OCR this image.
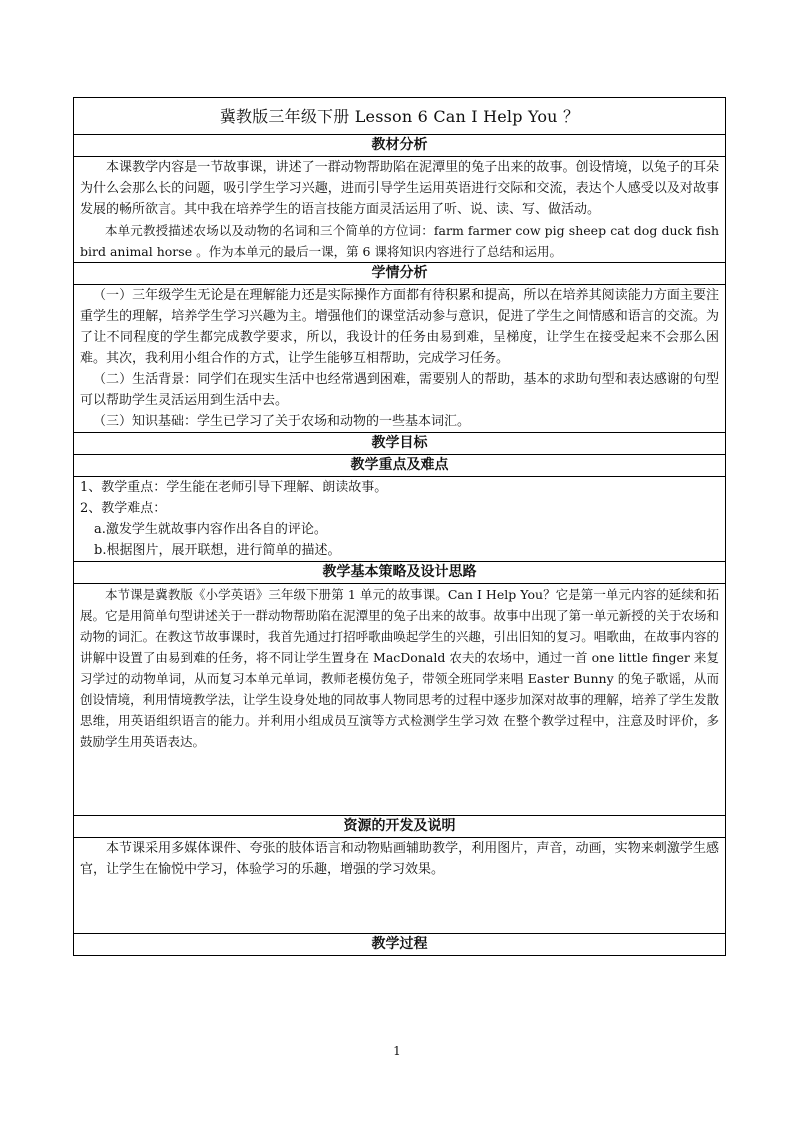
冀教版三年级下册 Lesson 6 Can I Help You ？
教材分析

本课教学内容是一节故事课，讲述了一群动物帮助陷在泥潭里的兔子出来的故事。创设情境，以兔子的耳朵为什么会那么长的问题，吸引学生学习兴趣，进而引导学生运用英语进行交际和交流，表达个人感受以及对故事发展的畅所欲言。其中我在培养学生的语言技能方面灵活运用了听、说、读、写、做活动。

本单元教授描述农场以及动物的名词和三个简单的方位词：farm farmer cow pig sheep cat dog duck fish bird animal horse 。作为本单元的最后一课，第 6 课将知识内容进行了总结和运用。

学情分析

（一）三年级学生无论是在理解能力还是实际操作方面都有待积累和提高，所以在培养其阅读能力方面主要注重学生的理解，培养学生学习兴趣为主。增强他们的课堂活动参与意识，促进了学生之间情感和语言的交流。为了让不同程度的学生都完成教学要求，所以，我设计的任务由易到难，呈梯度，让学生在接受起来不会那么困难。其次，我利用小组合作的方式，让学生能够互相帮助，完成学习任务。

（二）生活背景：同学们在现实生活中也经常遇到困难，需要别人的帮助，基本的求助句型和表达感谢的句型可以帮助学生灵活运用到生活中去。

（三）知识基础：学生已学习了关于农场和动物的一些基本词汇。

教学目标
教学重点及难点

1、教学重点：学生能在老师引导下理解、朗读故事。

2、教学难点：

a.激发学生就故事内容作出各自的评论。

b.根据图片，展开联想，进行简单的描述。

教学基本策略及设计思路

本节课是冀教版《小学英语》三年级下册第 1 单元的故事课。Can I Help You？它是第一单元内容的延续和拓展。它是用简单句型讲述关于一群动物帮助陷在泥潭里的兔子出来的故事。故事中出现了第一单元新授的关于农场和动物的词汇。在教这节故事课时，我首先通过打招呼歌曲唤起学生的兴趣，引出旧知的复习。唱歌曲，在故事内容的讲解中设置了由易到难的任务，将不同让学生置身在 MacDonald 农夫的农场中，通过一首 one little finger 来复习学过的动物单词，从而复习本单元单词，教师老模仿兔子，带领全班同学来唱 Easter Bunny 的兔子歌谣，从而创设情境，利用情境教学法，让学生设身处地的同故事人物同思考的过程中逐步加深对故事的理解，培养了学生发散思维，用英语组织语言的能力。并利用小组成员互演等方式检测学生学习效 在整个教学过程中，注意及时评价，多鼓励学生用英语表达。

资源的开发及说明

本节课采用多媒体课件、夸张的肢体语言和动物贴画辅助教学，利用图片，声音，动画，实物来刺激学生感官，让学生在愉悦中学习，体验学习的乐趣，增强的学习效果。

教学过程
1
